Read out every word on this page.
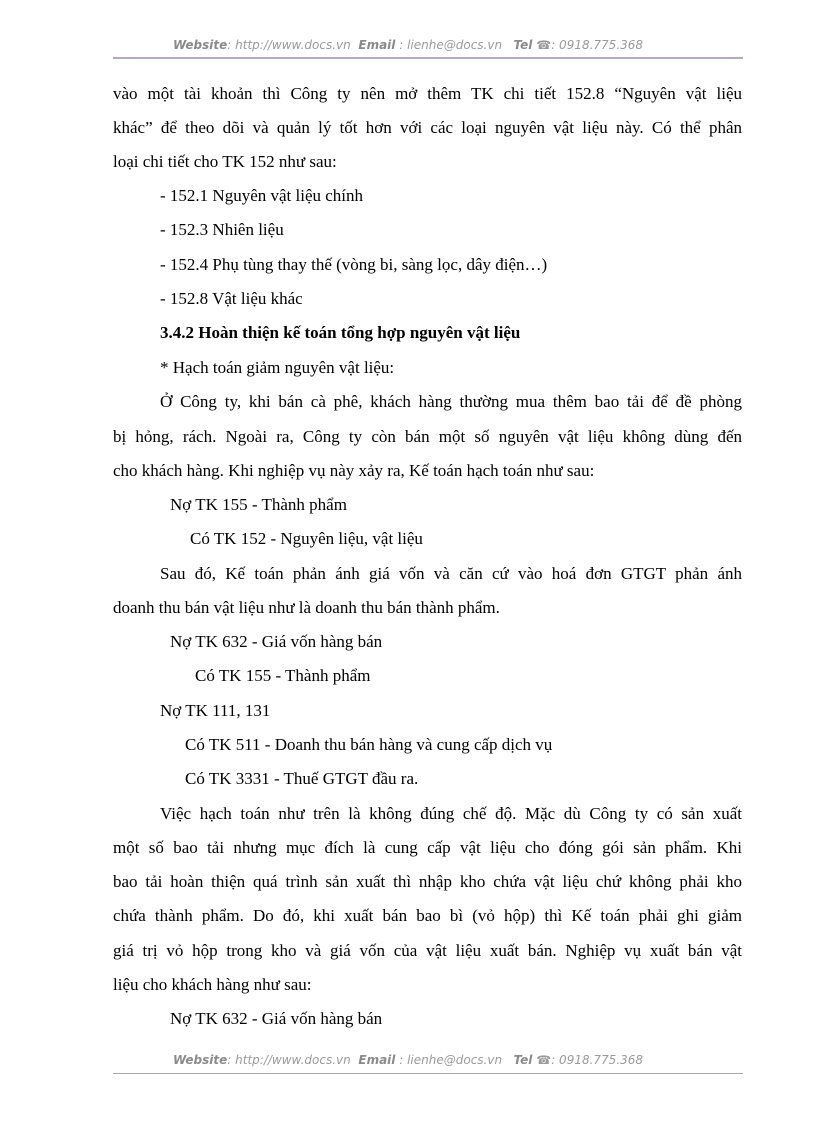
Website: http://www.docs.vn Email : lienhe@docs.vn Tel ☎: 0918.775.368
vào một tài khoản thì Công ty nên mở thêm TK chi tiết 152.8 “Nguyên vật liệu
khác” để theo dõi và quản lý tốt hơn với các loại nguyên vật liệu này. Có thể phân
loại chi tiết cho TK 152 như sau:
- 152.1 Nguyên vật liệu chính
- 152.3 Nhiên liệu
- 152.4 Phụ tùng thay thế (vòng bi, sàng lọc, dây điện…)
- 152.8 Vật liệu khác
3.4.2 Hoàn thiện kế toán tổng hợp nguyên vật liệu
* Hạch toán giảm nguyên vật liệu:
Ở Công ty, khi bán cà phê, khách hàng thường mua thêm bao tải để đề phòng
bị hỏng, rách. Ngoài ra, Công ty còn bán một số nguyên vật liệu không dùng đến
cho khách hàng. Khi nghiệp vụ này xảy ra, Kế toán hạch toán như sau:
Nợ TK 155 - Thành phẩm
Có TK 152 - Nguyên liệu, vật liệu
Sau đó, Kế toán phản ánh giá vốn và căn cứ vào hoá đơn GTGT phản ánh
doanh thu bán vật liệu như là doanh thu bán thành phẩm.
Nợ TK 632 - Giá vốn hàng bán
Có TK 155 - Thành phẩm
Nợ TK 111, 131
Có TK 511 - Doanh thu bán hàng và cung cấp dịch vụ
Có TK 3331 - Thuế GTGT đầu ra.
Việc hạch toán như trên là không đúng chế độ. Mặc dù Công ty có sản xuất
một số bao tải nhưng mục đích là cung cấp vật liệu cho đóng gói sản phẩm. Khi
bao tải hoàn thiện quá trình sản xuất thì nhập kho chứa vật liệu chứ không phải kho
chứa thành phẩm. Do đó, khi xuất bán bao bì (vỏ hộp) thì Kế toán phải ghi giảm
giá trị vỏ hộp trong kho và giá vốn của vật liệu xuất bán. Nghiệp vụ xuất bán vật
liệu cho khách hàng như sau:
Nợ TK 632 - Giá vốn hàng bán
Website: http://www.docs.vn Email : lienhe@docs.vn Tel ☎: 0918.775.368
